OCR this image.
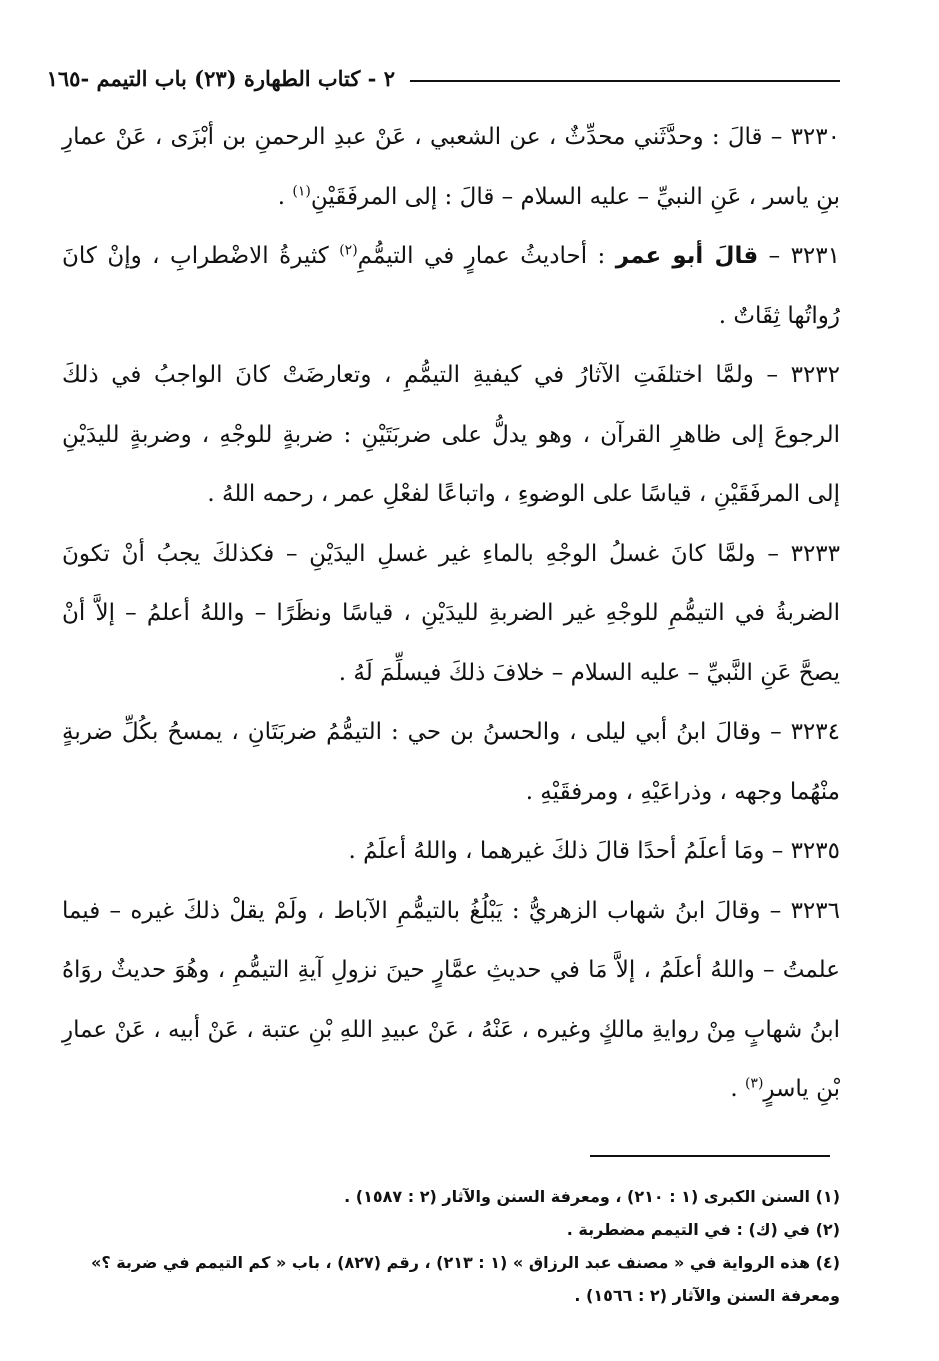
٢ - كتاب الطهارة (٢٣) باب التيمم -١٦٥

٣٢٣٠ – قالَ : وحدَّثَني محدِّثٌ ، عن الشعبي ، عَنْ عبدِ الرحمنِ بن أبْزَى ، عَنْ عمارِ بنِ ياسر ، عَنِ النبيِّ – عليه السلام – قالَ : إلى المرفَقَيْنِ$^{(١)}$ .

٣٢٣١ – قالَ أبو عمر : أحاديثُ عمارٍ في التيمُّمِ$^{(٢)}$ كثيرةُ الاضْطرابِ ، وإنْ كانَ رُواتُها ثِقَاتٌ .

٣٢٣٢ – ولمَّا اختلفَتِ الآثارُ في كيفيةِ التيمُّمِ ، وتعارضَتْ كانَ الواجبُ في ذلكَ الرجوعَ إلى ظاهرِ القرآن ، وهو يدلُّ على ضربَتَيْنِ : ضربةٍ للوجْهِ ، وضربةٍ لليدَيْنِ إلى المرفَقَيْنِ ، قياسًا على الوضوءِ ، واتباعًا لفعْلِ عمر ، رحمه اللهُ .

٣٢٣٣ – ولمَّا كانَ غسلُ الوجْهِ بالماءِ غير غسلِ اليدَيْنِ – فكذلكَ يجبُ أنْ تكونَ الضربةُ في التيمُّمِ للوجْهِ غير الضربةِ لليدَيْنِ ، قياسًا ونظَرًا – واللهُ أعلمُ – إلاَّ أنْ يصحَّ عَنِ النَّبيِّ – عليه السلام – خلافَ ذلكَ فيسلِّمَ لَهُ .

٣٢٣٤ – وقالَ ابنُ أبي ليلى ، والحسنُ بن حي : التيمُّمُ ضربَتَانِ ، يمسحُ بكُلِّ ضربةٍ منْهُما وجهه ، وذراعَيْهِ ، ومرفقَيْهِ .

٣٢٣٥ – ومَا أعلَمُ أحدًا قالَ ذلكَ غيرهما ، واللهُ أعلَمُ .

٣٢٣٦ – وقالَ ابنُ شهاب الزهريُّ : يَبْلُغُ بالتيمُّمِ الآباط ، ولَمْ يقلْ ذلكَ غيره – فيما علمتُ – واللهُ أعلَمُ ، إلاَّ مَا في حديثِ عمَّارٍ حينَ نزولِ آيةِ التيمُّمِ ، وهُوَ حديثٌ روَاهُ ابنُ شهابٍ مِنْ روايةِ مالكٍ وغيره ، عَنْهُ ، عَنْ عبيدِ اللهِ بْنِ عتبة ، عَنْ أبيه ، عَنْ عمارِ بْنِ ياسرٍ$^{(٣)}$ .

(١) السنن الكبرى (١ : ٢١٠) ، ومعرفة السنن والآثار (٢ : ١٥٨٧) .

(٢) في (ك) : في التيمم مضطربة .

(٤) هذه الرواية في « مصنف عبد الرزاق » (١ : ٢١٣) ، رقم (٨٢٧) ، باب « كم التيمم في ضربة ؟»

ومعرفة السنن والآثار (٢ : ١٥٦٦) .
